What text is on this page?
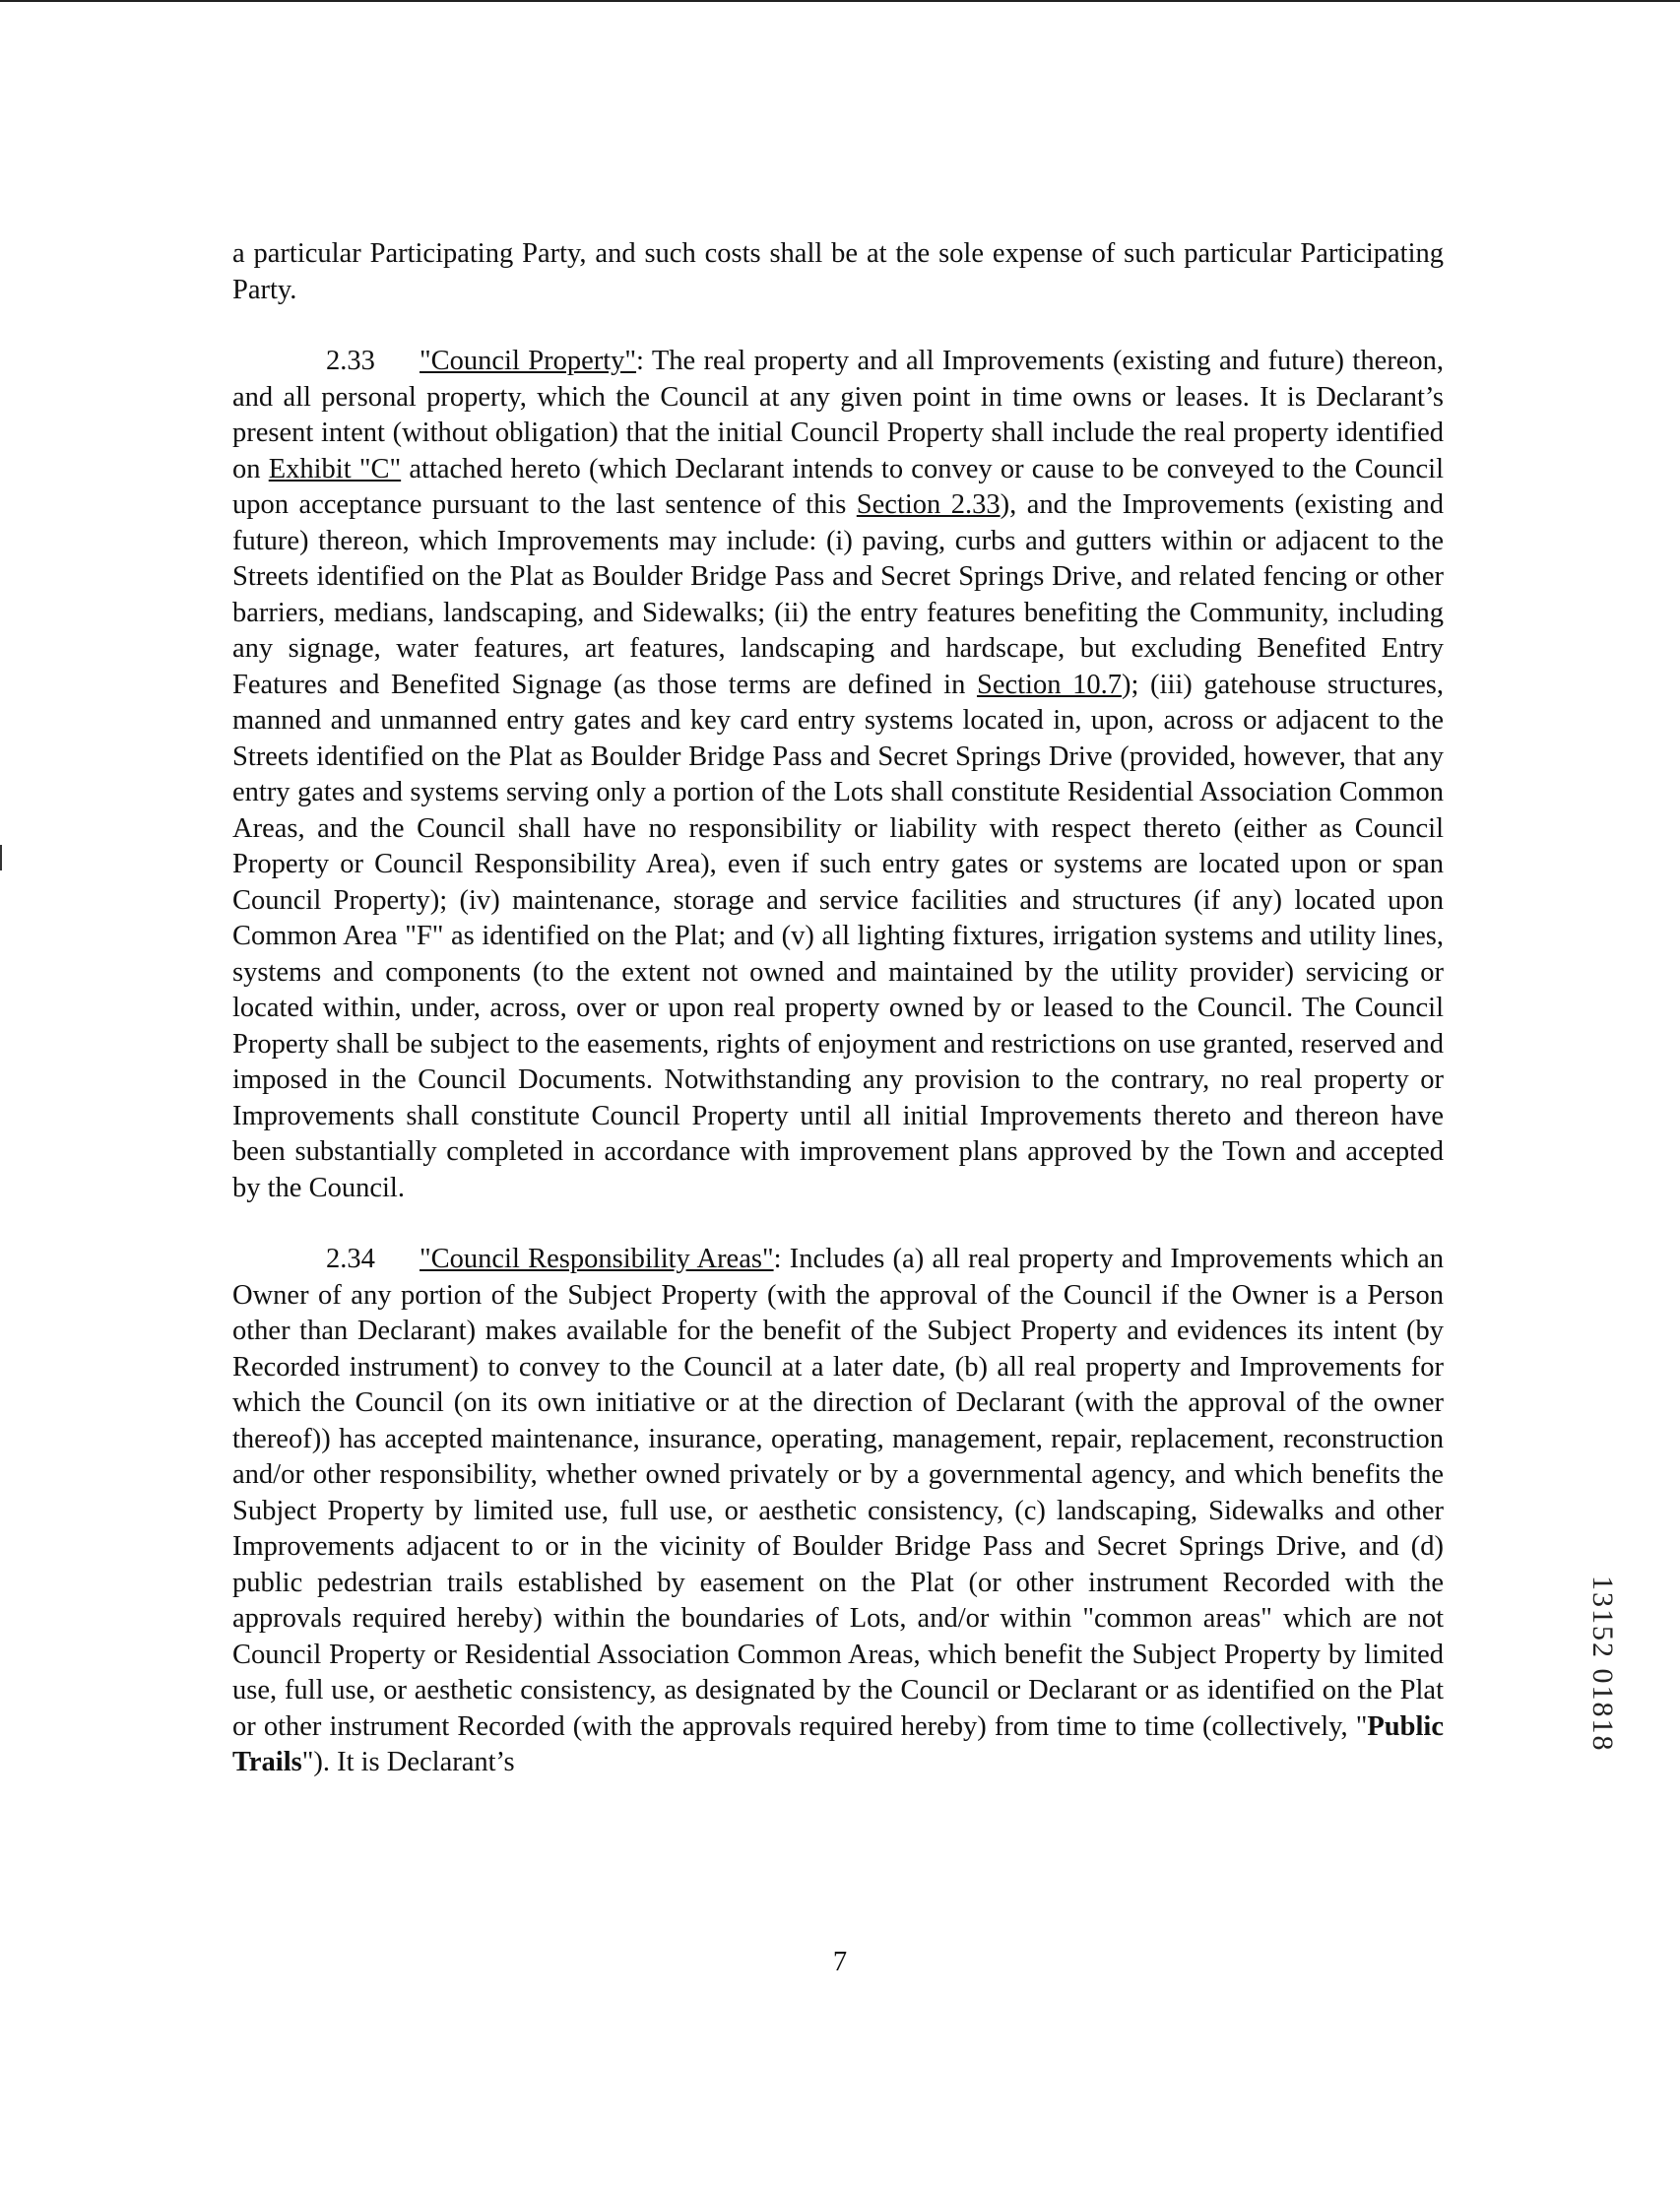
a particular Participating Party, and such costs shall be at the sole expense of such particular Participating Party.

2.33 "Council Property": The real property and all Improvements (existing and future) thereon, and all personal property, which the Council at any given point in time owns or leases. It is Declarant’s present intent (without obligation) that the initial Council Property shall include the real property identified on Exhibit "C" attached hereto (which Declarant intends to convey or cause to be conveyed to the Council upon acceptance pursuant to the last sentence of this Section 2.33), and the Improvements (existing and future) thereon, which Improvements may include: (i) paving, curbs and gutters within or adjacent to the Streets identified on the Plat as Boulder Bridge Pass and Secret Springs Drive, and related fencing or other barriers, medians, landscaping, and Sidewalks; (ii) the entry features benefiting the Community, including any signage, water features, art features, landscaping and hardscape, but excluding Benefited Entry Features and Benefited Signage (as those terms are defined in Section 10.7); (iii) gatehouse structures, manned and unmanned entry gates and key card entry systems located in, upon, across or adjacent to the Streets identified on the Plat as Boulder Bridge Pass and Secret Springs Drive (provided, however, that any entry gates and systems serving only a portion of the Lots shall constitute Residential Association Common Areas, and the Council shall have no responsibility or liability with respect thereto (either as Council Property or Council Responsibility Area), even if such entry gates or systems are located upon or span Council Property); (iv) maintenance, storage and service facilities and structures (if any) located upon Common Area "F" as identified on the Plat; and (v) all lighting fixtures, irrigation systems and utility lines, systems and components (to the extent not owned and maintained by the utility provider) servicing or located within, under, across, over or upon real property owned by or leased to the Council. The Council Property shall be subject to the easements, rights of enjoyment and restrictions on use granted, reserved and imposed in the Council Documents. Notwithstanding any provision to the contrary, no real property or Improvements shall constitute Council Property until all initial Improvements thereto and thereon have been substantially completed in accordance with improvement plans approved by the Town and accepted by the Council.

2.34 "Council Responsibility Areas": Includes (a) all real property and Improvements which an Owner of any portion of the Subject Property (with the approval of the Council if the Owner is a Person other than Declarant) makes available for the benefit of the Subject Property and evidences its intent (by Recorded instrument) to convey to the Council at a later date, (b) all real property and Improvements for which the Council (on its own initiative or at the direction of Declarant (with the approval of the owner thereof)) has accepted maintenance, insurance, operating, management, repair, replacement, reconstruction and/or other responsibility, whether owned privately or by a governmental agency, and which benefits the Subject Property by limited use, full use, or aesthetic consistency, (c) landscaping, Sidewalks and other Improvements adjacent to or in the vicinity of Boulder Bridge Pass and Secret Springs Drive, and (d) public pedestrian trails established by easement on the Plat (or other instrument Recorded with the approvals required hereby) within the boundaries of Lots, and/or within "common areas" which are not Council Property or Residential Association Common Areas, which benefit the Subject Property by limited use, full use, or aesthetic consistency, as designated by the Council or Declarant or as identified on the Plat or other instrument Recorded (with the approvals required hereby) from time to time (collectively, "Public Trails"). It is Declarant’s

7
13152 01818
